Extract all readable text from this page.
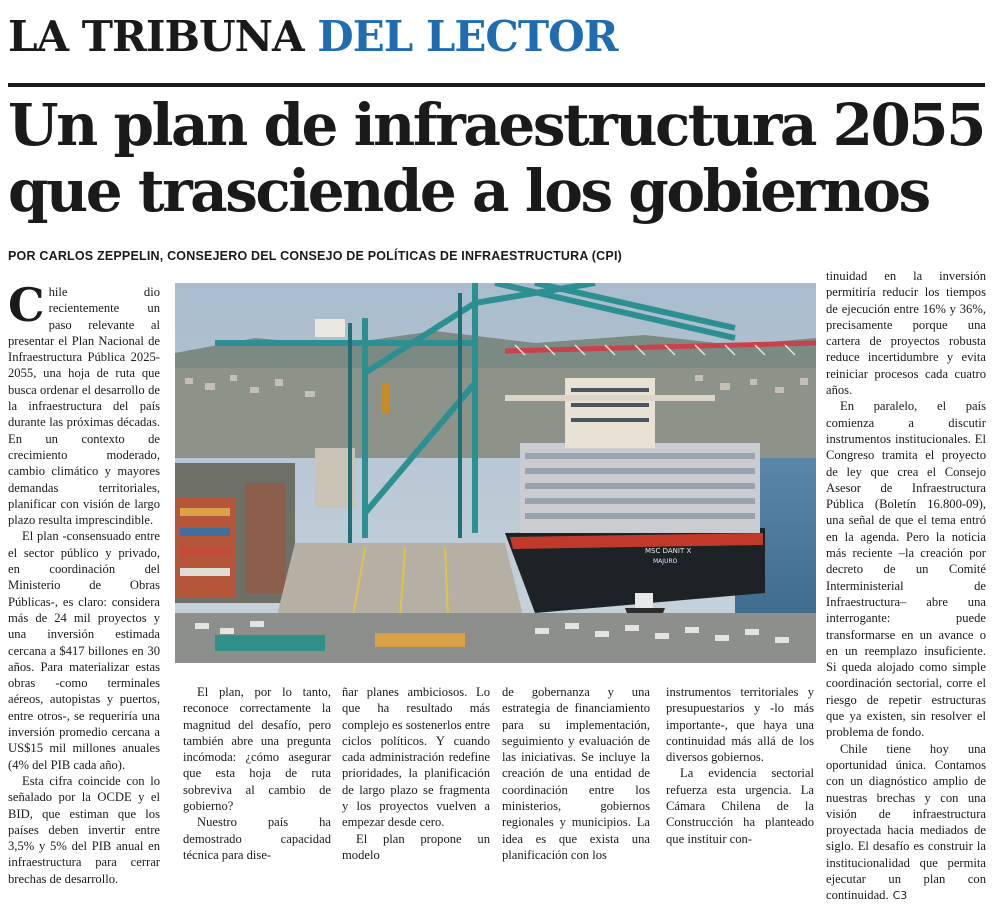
LA TRIBUNA DEL LECTOR
Un plan de infraestructura 2055
que trasciende a los gobiernos
POR CARLOS ZEPPELIN, CONSEJERO DEL CONSEJO DE POLÍTICAS DE INFRAESTRUCTURA (CPI)

Chile dio recientemente un paso relevante al presentar el Plan Nacional de Infraestructura Pública 2025-2055, una hoja de ruta que busca ordenar el desarrollo de la infraestructura del país durante las próximas décadas. En un contexto de crecimiento moderado, cambio climático y mayores demandas territoriales, planificar con visión de largo plazo resulta imprescindible.

El plan -consensuado entre el sector público y privado, en coordinación del Ministerio de Obras Públicas-, es claro: considera más de 24 mil proyectos y una inversión estimada cercana a $417 billones en 30 años. Para materializar estas obras -como terminales aéreos, autopistas y puertos, entre otros-, se requeriría una inversión promedio cercana a US$15 mil millones anuales (4% del PIB cada año).

Esta cifra coincide con lo señalado por la OCDE y el BID, que estiman que los países deben invertir entre 3,5% y 5% del PIB anual en infraestructura para cerrar brechas de desarrollo.

MSC DANIT X
MAJURO

El plan, por lo tanto, reconoce correctamente la magnitud del desafío, pero también abre una pregunta incómoda: ¿cómo asegurar que esta hoja de ruta sobreviva al cambio de gobierno?

Nuestro país ha demostrado capacidad técnica para dise-

ñar planes ambiciosos. Lo que ha resultado más complejo es sostenerlos entre ciclos políticos. Y cuando cada administración redefine prioridades, la planificación de largo plazo se fragmenta y los proyectos vuelven a empezar desde cero.

El plan propone un modelo

de gobernanza y una estrategia de financiamiento para su implementación, seguimiento y evaluación de las iniciativas. Se incluye la creación de una entidad de coordinación entre los ministerios, gobiernos regionales y municipios. La idea es que exista una planificación con los

instrumentos territoriales y presupuestarios y -lo más importante-, que haya una continuidad más allá de los diversos gobiernos.

La evidencia sectorial refuerza esta urgencia. La Cámara Chilena de la Construcción ha planteado que instituir con-

tinuidad en la inversión permitiría reducir los tiempos de ejecución entre 16% y 36%, precisamente porque una cartera de proyectos robusta reduce incertidumbre y evita reiniciar procesos cada cuatro años.

En paralelo, el país comienza a discutir instrumentos institucionales. El Congreso tramita el proyecto de ley que crea el Consejo Asesor de Infraestructura Pública (Boletín 16.800-09), una señal de que el tema entró en la agenda. Pero la noticia más reciente –la creación por decreto de un Comité Interministerial de Infraestructura– abre una interrogante: puede transformarse en un avance o en un reemplazo insuficiente. Si queda alojado como simple coordinación sectorial, corre el riesgo de repetir estructuras que ya existen, sin resolver el problema de fondo.

Chile tiene hoy una oportunidad única. Contamos con un diagnóstico amplio de nuestras brechas y con una visión de infraestructura proyectada hacia mediados de siglo. El desafío es construir la institucionalidad que permita ejecutar un plan con continuidad. C3
